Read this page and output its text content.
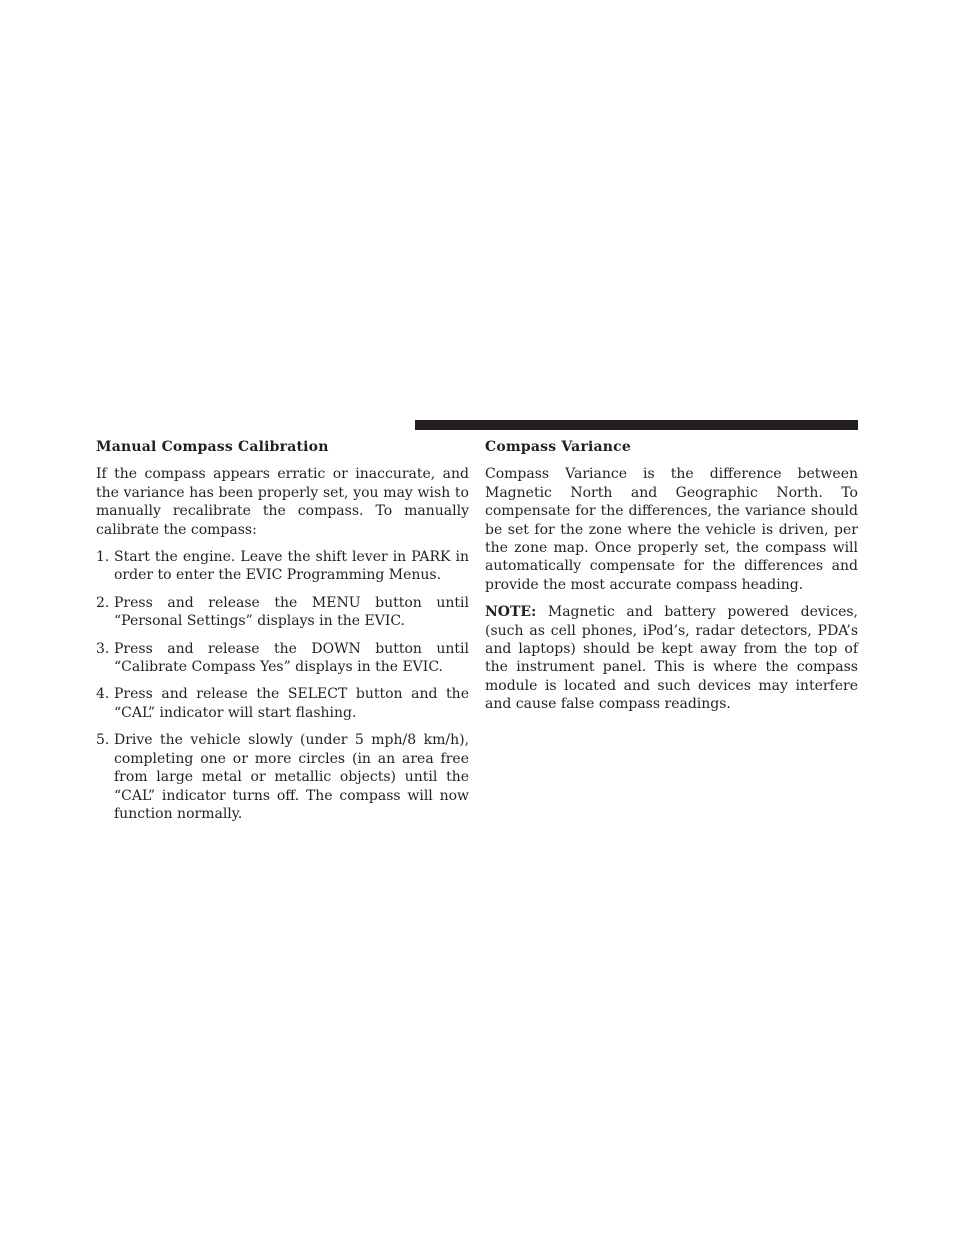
Manual Compass Calibration

If the compass appears erratic or inaccurate, and the variance has been properly set, you may wish to manually recalibrate the compass. To manually calibrate the compass:

1. Start the engine. Leave the shift lever in PARK in order to enter the EVIC Programming Menus.
2. Press and release the MENU button until “Personal Settings” displays in the EVIC.
3. Press and release the DOWN button until “Calibrate Compass Yes” displays in the EVIC.
4. Press and release the SELECT button and the “CAL” indicator will start flashing.
5. Drive the vehicle slowly (under 5 mph/8 km/h), completing one or more circles (in an area free from large metal or metallic objects) until the “CAL” indicator turns off. The compass will now function normally.
Compass Variance

Compass Variance is the difference between Magnetic North and Geographic North. To compensate for the differences, the variance should be set for the zone where the vehicle is driven, per the zone map. Once properly set, the compass will automatically compensate for the differences and provide the most accurate compass heading.

NOTE: Magnetic and battery powered devices, (such as cell phones, iPod’s, radar detectors, PDA’s and laptops) should be kept away from the top of the instrument panel. This is where the compass module is located and such devices may interfere and cause false compass readings.
